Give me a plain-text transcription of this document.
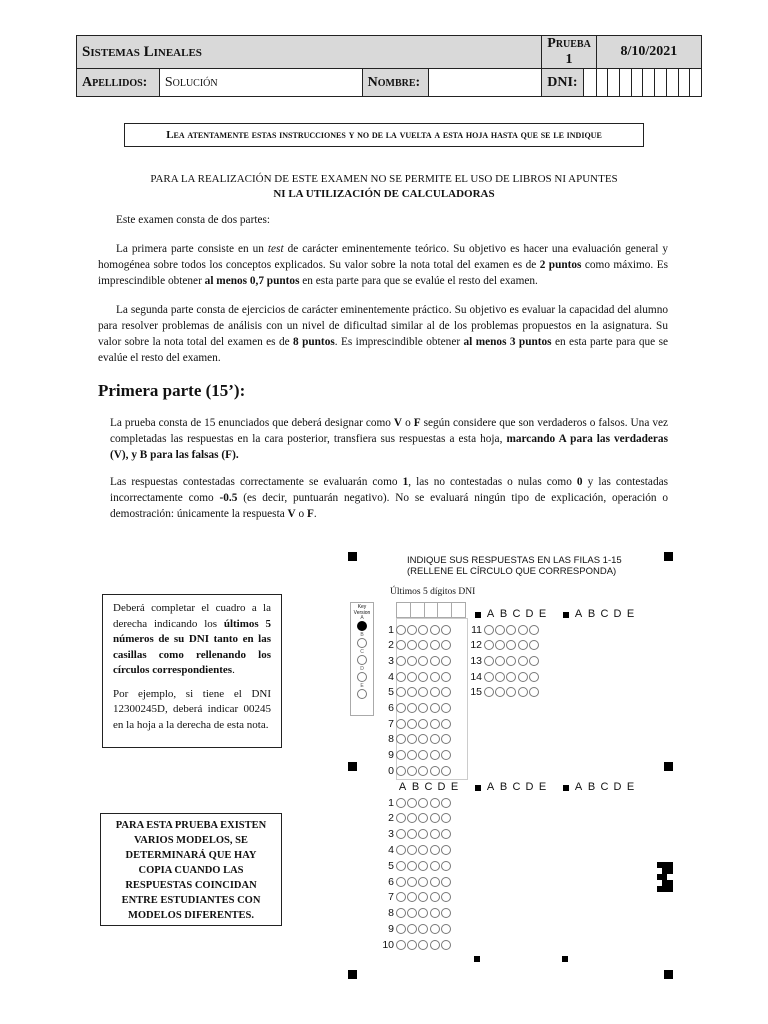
Sistemas Lineales				Prueba 1		8/10/2021
Apellidos:	Solución	Nombre:		DNI:		
Lea atentamente estas instrucciones y no de la vuelta a esta hoja hasta que se le indique
PARA LA REALIZACIÓN DE ESTE EXAMEN NO SE PERMITE EL USO DE LIBROS NI APUNTES
NI LA UTILIZACIÓN DE CALCULADORAS

Este examen consta de dos partes:

La primera parte consiste en un test de carácter eminentemente teórico. Su objetivo es hacer una evaluación general y homogénea sobre todos los conceptos explicados. Su valor sobre la nota total del examen es de 2 puntos como máximo. Es imprescindible obtener al menos 0,7 puntos en esta parte para que se evalúe el resto del examen.

La segunda parte consta de ejercicios de carácter eminentemente práctico. Su objetivo es evaluar la capacidad del alumno para resolver problemas de análisis con un nivel de dificultad similar al de los problemas propuestos en la asignatura. Su valor sobre la nota total del examen es de 8 puntos. Es imprescindible obtener al menos 3 puntos en esta parte para que se evalúe el resto del examen.

Primera parte (15’):

La prueba consta de 15 enunciados que deberá designar como V o F según considere que son verdaderos o falsos. Una vez completadas las respuestas en la cara posterior, transfiera sus respuestas a esta hoja, marcando A para las verdaderas (V), y B para las falsas (F).

Las respuestas contestadas correctamente se evaluarán como 1, las no contestadas o nulas como 0 y las contestadas incorrectamente como -0.5 (es decir, puntuarán negativo). No se evaluará ningún tipo de explicación, operación o demostración: únicamente la respuesta V o F.

Deberá completar el cuadro a la derecha indicando los últimos 5 números de su DNI tanto en las casillas como rellenando los círculos correspondientes.
Por ejemplo, si tiene el DNI 12300245D, deberá indicar 00245 en la hoja a la derecha de esta nota.
PARA ESTA PRUEBA EXISTEN VARIOS MODELOS, SE DETERMINARÁ QUE HAY COPIA CUANDO LAS RESPUESTAS COINCIDAN ENTRE ESTUDIANTES CON MODELOS DIFERENTES.
INDIQUE SUS RESPUESTAS EN LAS FILAS 1-15
(RELLENE EL CÍRCULO QUE CORRESPONDA)
Últimos 5 dígitos DNI
Key Version
A
B
C
D
E
1
2
3
4
5
6
7
8
9
0
A B C D E	A B C D E
11
12
13
14
15
A B C D E	A B C D E	A B C D E
1
2
3
4
5
6
7
8
9
10
